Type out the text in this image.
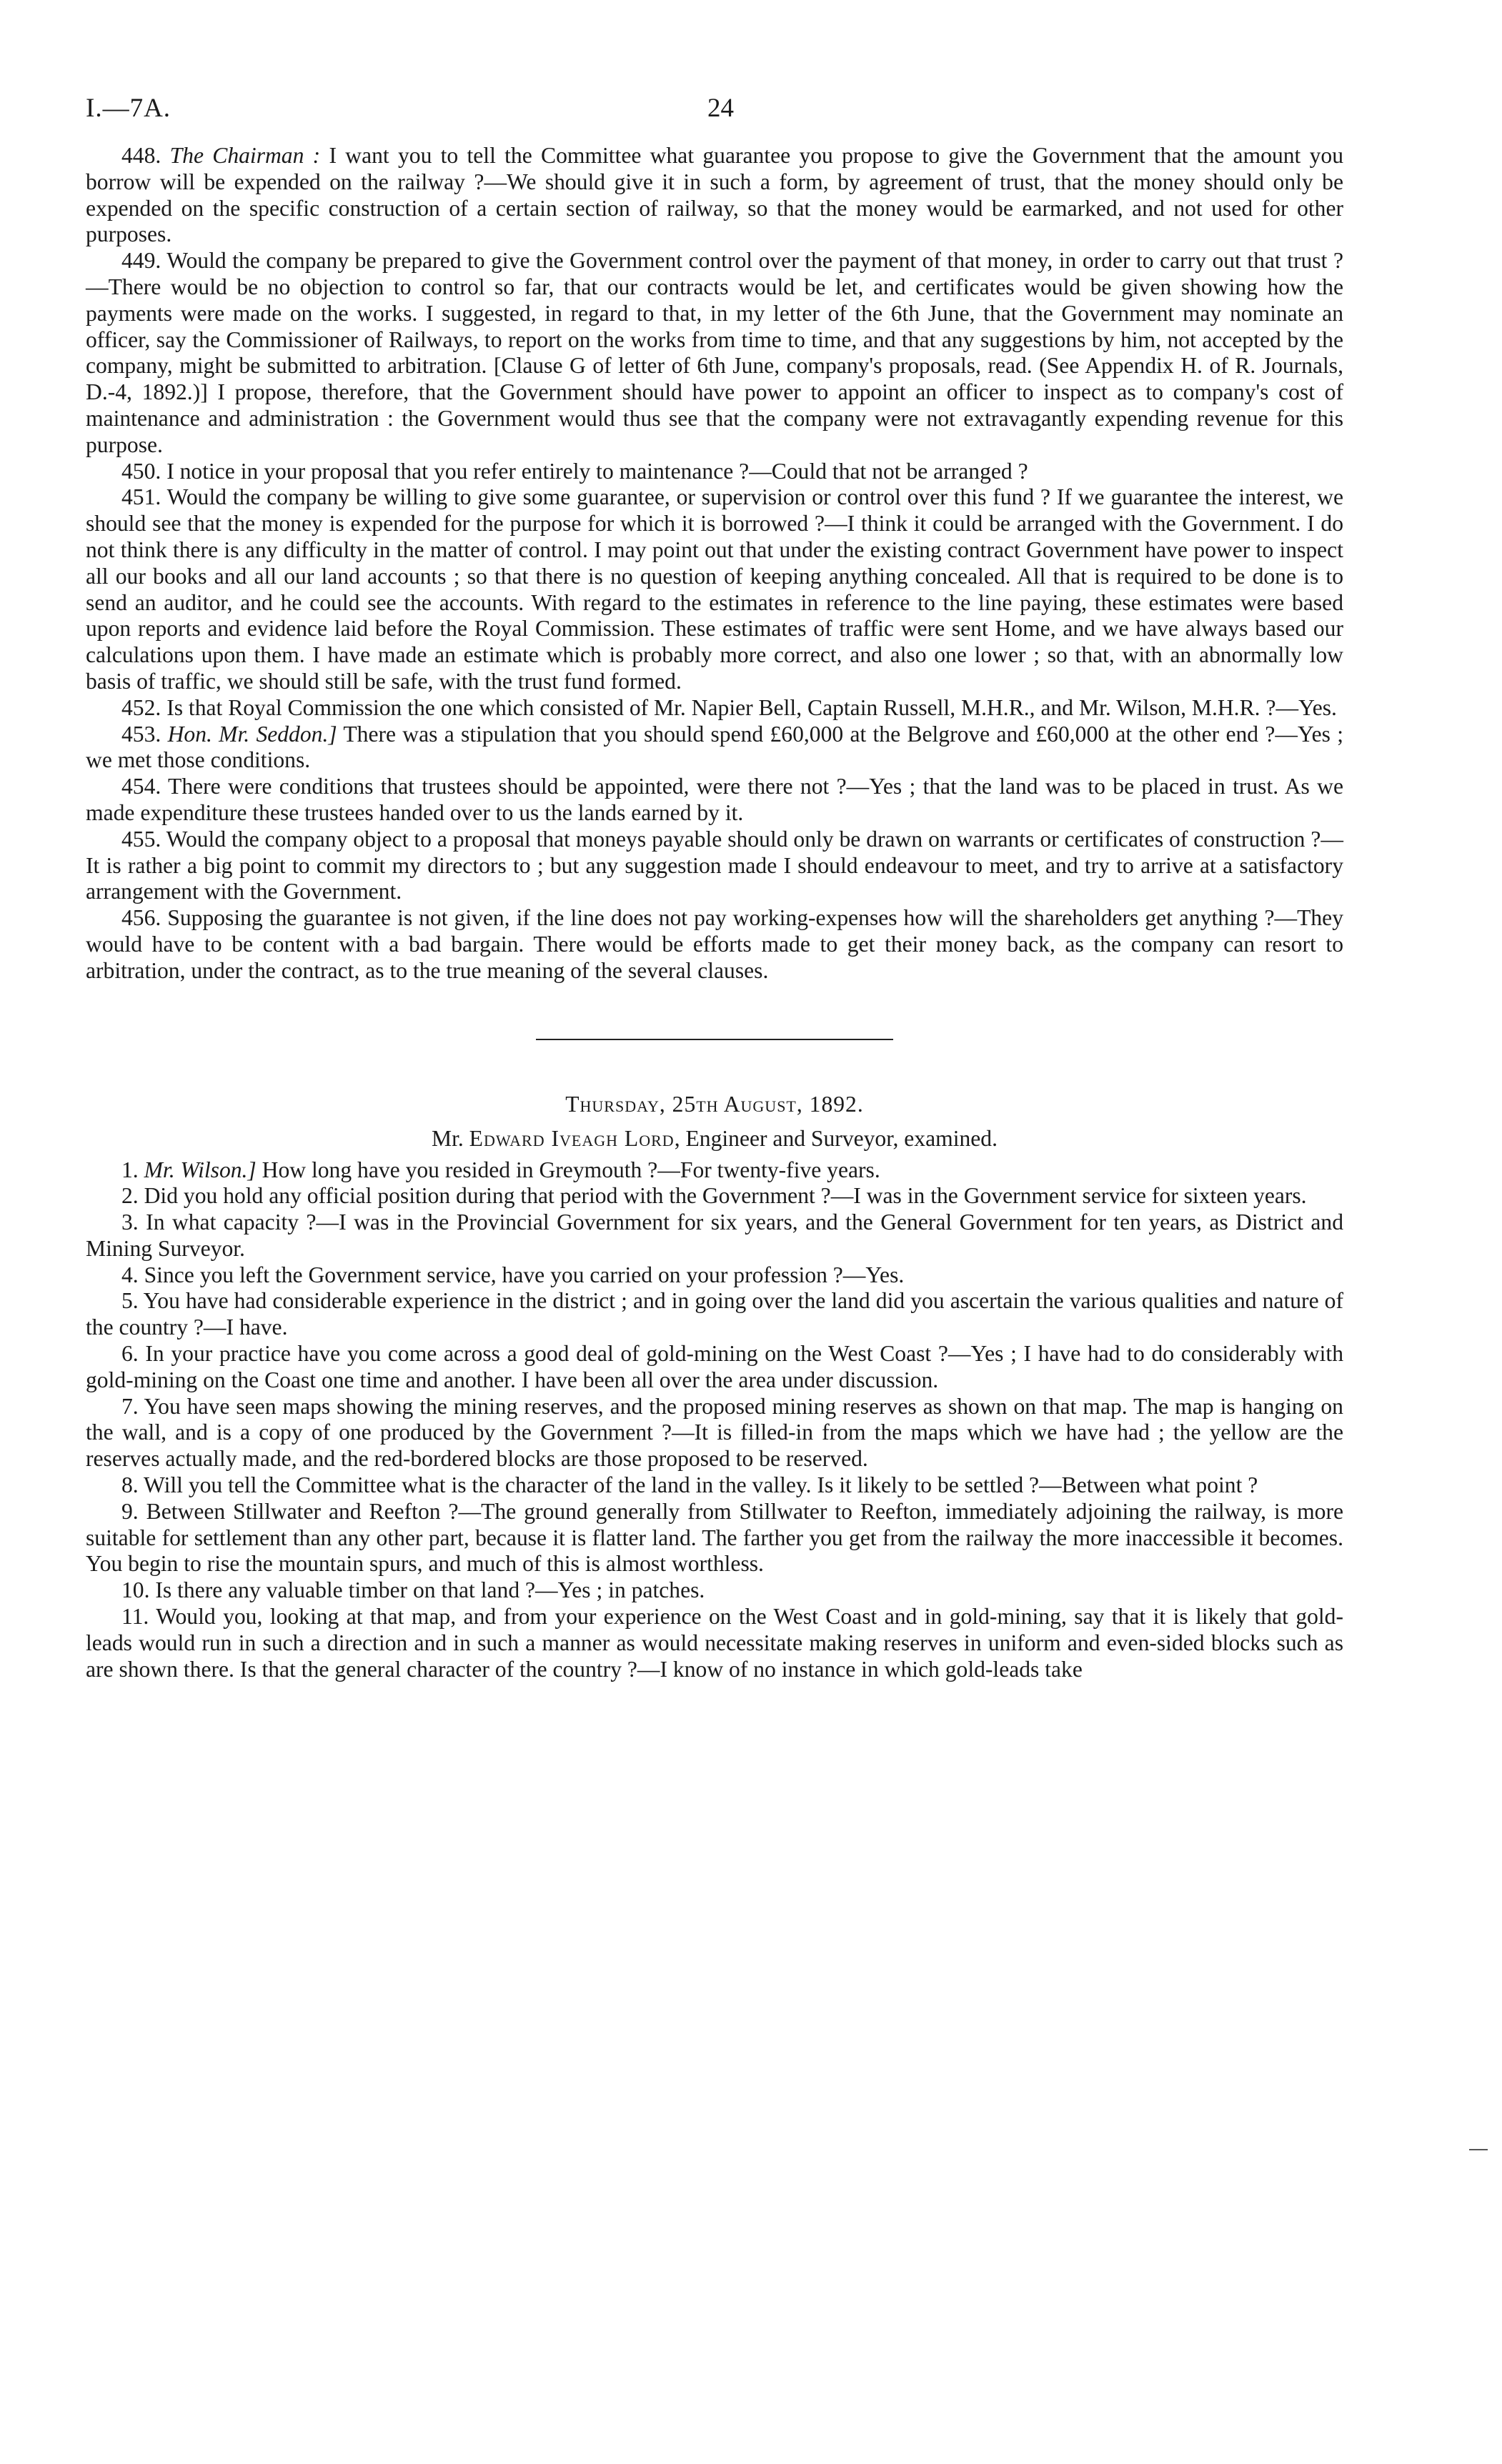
I.—7A.	24

448. The Chairman : I want you to tell the Committee what guarantee you propose to give the Government that the amount you borrow will be expended on the railway ?—We should give it in such a form, by agreement of trust, that the money should only be expended on the specific construction of a certain section of railway, so that the money would be earmarked, and not used for other purposes.

449. Would the company be prepared to give the Government control over the payment of that money, in order to carry out that trust ?—There would be no objection to control so far, that our contracts would be let, and certificates would be given showing how the payments were made on the works. I suggested, in regard to that, in my letter of the 6th June, that the Government may nominate an officer, say the Commissioner of Railways, to report on the works from time to time, and that any suggestions by him, not accepted by the company, might be submitted to arbitration. [Clause G of letter of 6th June, company's proposals, read. (See Appendix H. of R. Journals, D.-4, 1892.)] I propose, therefore, that the Government should have power to appoint an officer to inspect as to company's cost of maintenance and administration : the Government would thus see that the company were not extravagantly expending revenue for this purpose.

450. I notice in your proposal that you refer entirely to maintenance ?—Could that not be arranged ?

451. Would the company be willing to give some guarantee, or supervision or control over this fund ? If we guarantee the interest, we should see that the money is expended for the purpose for which it is borrowed ?—I think it could be arranged with the Government. I do not think there is any difficulty in the matter of control. I may point out that under the existing contract Government have power to inspect all our books and all our land accounts ; so that there is no question of keeping anything concealed. All that is required to be done is to send an auditor, and he could see the accounts. With regard to the estimates in reference to the line paying, these estimates were based upon reports and evidence laid before the Royal Commission. These estimates of traffic were sent Home, and we have always based our calculations upon them. I have made an estimate which is probably more correct, and also one lower ; so that, with an abnormally low basis of traffic, we should still be safe, with the trust fund formed.

452. Is that Royal Commission the one which consisted of Mr. Napier Bell, Captain Russell, M.H.R., and Mr. Wilson, M.H.R. ?—Yes.

453. Hon. Mr. Seddon.] There was a stipulation that you should spend £60,000 at the Belgrove and £60,000 at the other end ?—Yes ; we met those conditions.

454. There were conditions that trustees should be appointed, were there not ?—Yes ; that the land was to be placed in trust. As we made expenditure these trustees handed over to us the lands earned by it.

455. Would the company object to a proposal that moneys payable should only be drawn on warrants or certificates of construction ?—It is rather a big point to commit my directors to ; but any suggestion made I should endeavour to meet, and try to arrive at a satisfactory arrangement with the Government.

456. Supposing the guarantee is not given, if the line does not pay working-expenses how will the shareholders get anything ?—They would have to be content with a bad bargain. There would be efforts made to get their money back, as the company can resort to arbitration, under the contract, as to the true meaning of the several clauses.

Thursday, 25th August, 1892.
Mr. Edward Iveagh Lord, Engineer and Surveyor, examined.

1. Mr. Wilson.] How long have you resided in Greymouth ?—For twenty-five years.

2. Did you hold any official position during that period with the Government ?—I was in the Government service for sixteen years.

3. In what capacity ?—I was in the Provincial Government for six years, and the General Government for ten years, as District and Mining Surveyor.

4. Since you left the Government service, have you carried on your profession ?—Yes.

5. You have had considerable experience in the district ; and in going over the land did you ascertain the various qualities and nature of the country ?—I have.

6. In your practice have you come across a good deal of gold-mining on the West Coast ?—Yes ; I have had to do considerably with gold-mining on the Coast one time and another. I have been all over the area under discussion.

7. You have seen maps showing the mining reserves, and the proposed mining reserves as shown on that map. The map is hanging on the wall, and is a copy of one produced by the Government ?—It is filled-in from the maps which we have had ; the yellow are the reserves actually made, and the red-bordered blocks are those proposed to be reserved.

8. Will you tell the Committee what is the character of the land in the valley. Is it likely to be settled ?—Between what point ?

9. Between Stillwater and Reefton ?—The ground generally from Stillwater to Reefton, immediately adjoining the railway, is more suitable for settlement than any other part, because it is flatter land. The farther you get from the railway the more inaccessible it becomes. You begin to rise the mountain spurs, and much of this is almost worthless.

10. Is there any valuable timber on that land ?—Yes ; in patches.

11. Would you, looking at that map, and from your experience on the West Coast and in gold-mining, say that it is likely that gold-leads would run in such a direction and in such a manner as would necessitate making reserves in uniform and even-sided blocks such as are shown there. Is that the general character of the country ?—I know of no instance in which gold-leads take
